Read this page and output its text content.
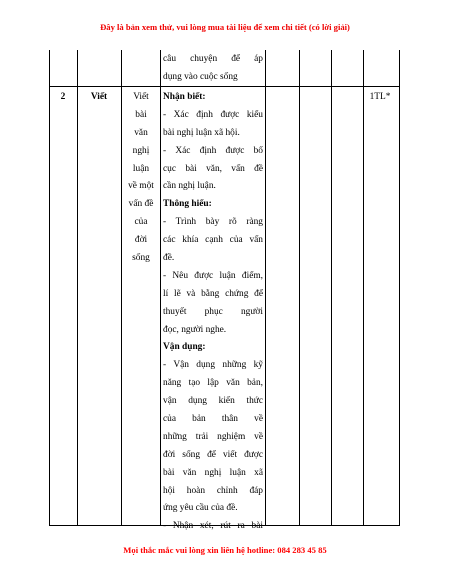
Đây là bản xem thử, vui lòng mua tài liệu để xem chi tiết (có lời giải)
câu chuyện để áp
dụng vào cuộc sống
2	Viết	Viết
bài
văn
nghị
luận
về một
vấn đề
của
đời
sống
Nhận biết:
- Xác định được kiểu
bài nghị luận xã hội.
- Xác định được bố
cục bài văn, vấn đề
cần nghị luận.
Thông hiểu:
- Trình bày rõ ràng
các khía cạnh của vấn
đề.
- Nêu được luận điểm,
lí lẽ và bằng chứng để
thuyết phục người
đọc, người nghe.
Vận dụng:
- Vận dụng những kỹ
năng tạo lập văn bản,
vận dụng kiến thức
của bản thân về
những trải nghiệm về
đời sống để viết được
bài văn nghị luận xã
hội hoàn chỉnh đáp
ứng yêu cầu của đề.
- Nhận xét, rút ra bài
1TL*
Mọi thắc mắc vui lòng xin liên hệ hotline: 084 283 45 85
